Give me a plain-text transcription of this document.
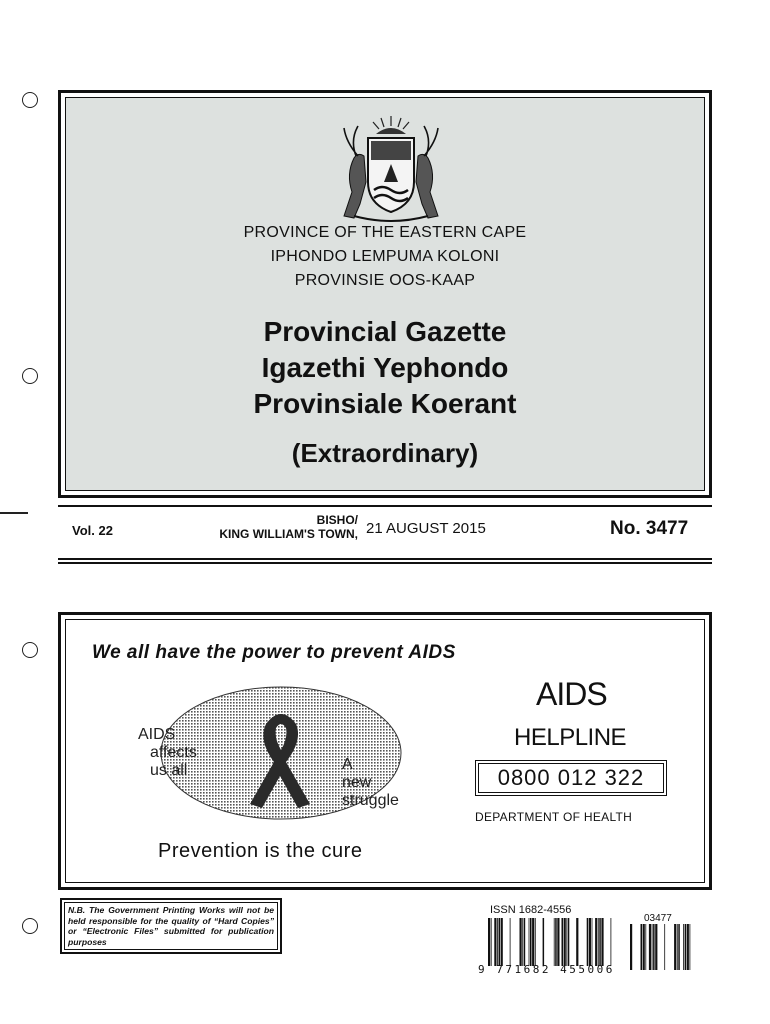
PROVINCE OF THE EASTERN CAPE
IPHONDO LEMPUMA KOLONI
PROVINSIE OOS-KAAP
Provincial Gazette
Igazethi Yephondo
Provinsiale Koerant
(Extraordinary)
Vol. 22
BISHO/
KING WILLIAM'S TOWN, 21 AUGUST 2015	No. 3477
We all have the power to prevent AIDS
AIDS
affects
us all	A
new
struggle
Prevention is the cure
AIDS
HELPLINE
0800 012 322
DEPARTMENT OF HEALTH
N.B. The Government Printing Works will not be held responsible for the quality of “Hard Copies” or “Electronic Files” submitted for publication purposes
ISSN 1682-4556
9 771682 455006
03477
